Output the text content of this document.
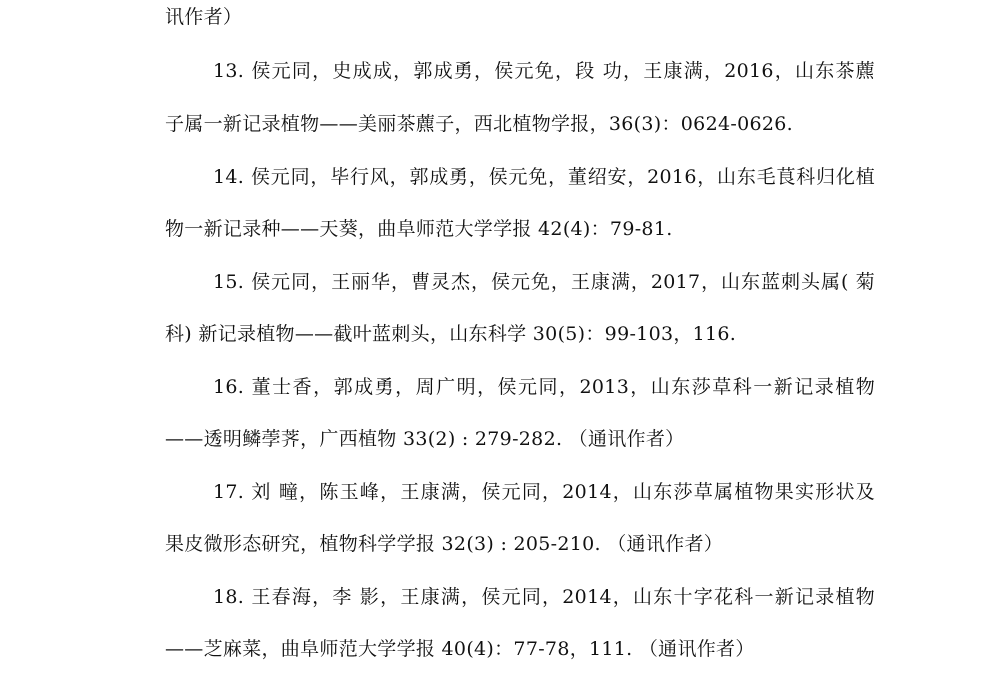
讯作者）
13. 侯元同，史成成，郭成勇，侯元免，段 功，王康满，2016，山东茶藨
子属一新记录植物——美丽茶藨子，西北植物学报，36(3)：0624-0626.
14. 侯元同，毕行风，郭成勇，侯元免，董绍安，2016，山东毛茛科归化植
物一新记录种——天葵，曲阜师范大学学报 42(4)：79-81.
15. 侯元同，王丽华，曹灵杰，侯元免，王康满，2017，山东蓝刺头属( 菊
科) 新记录植物——截叶蓝刺头，山东科学 30(5)：99-103，116.
16. 董士香，郭成勇，周广明，侯元同，2013，山东莎草科一新记录植物
——透明鳞荸荠，广西植物 33(2) : 279-282. （通讯作者）
17. 刘 疃，陈玉峰，王康满，侯元同，2014，山东莎草属植物果实形状及
果皮微形态研究，植物科学学报 32(3) : 205-210. （通讯作者）
18. 王春海，李 影，王康满，侯元同，2014，山东十字花科一新记录植物
——芝麻菜，曲阜师范大学学报 40(4)：77-78，111. （通讯作者）
